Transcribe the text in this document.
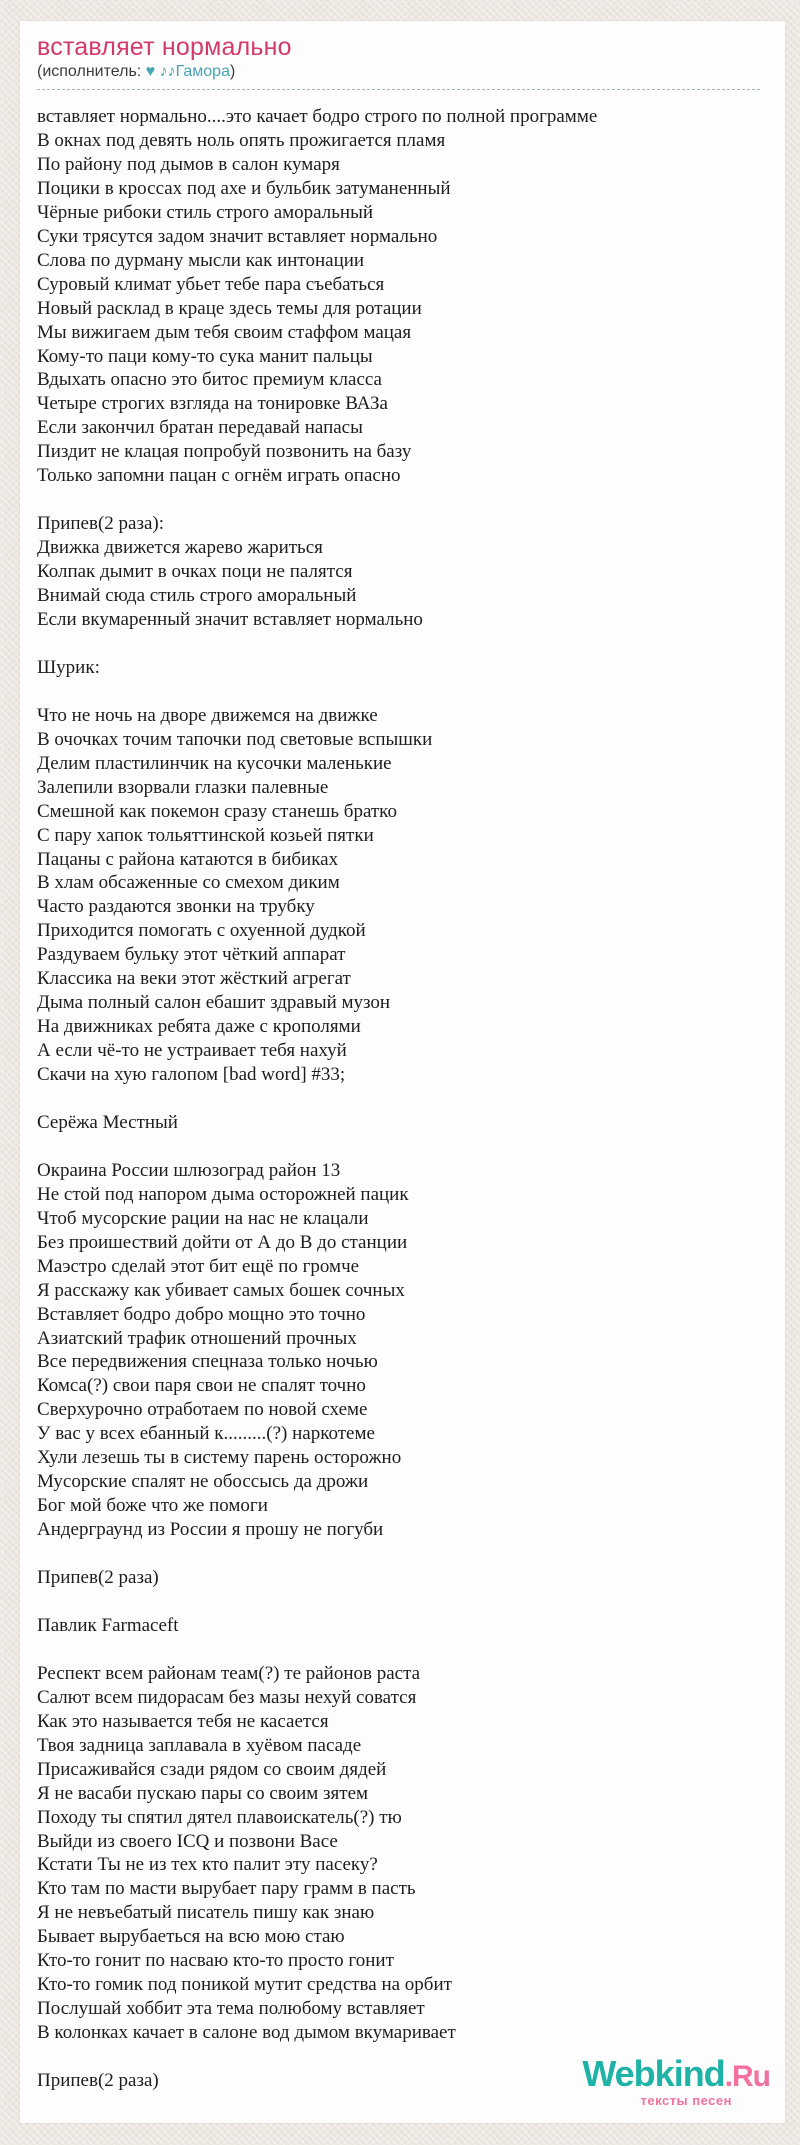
вставляет нормально
(исполнитель: ♥ ♪♪Гамора)
вставляет нормально....это качает бодро строго по полной программе
В окнах под девять ноль опять прожигается пламя
По району под дымов в салон кумаря
Поцики в кроссах под ахе и бульбик затуманенный
Чёрные рибоки стиль строго аморальный
Суки трясутся задом значит вставляет нормально
Слова по дурману мысли как интонации
Суровый климат убьет тебе пара съебаться
Новый расклад в краце здесь темы для ротации
Мы вижигаем дым тебя своим стаффом мацая
Кому-то паци кому-то сука манит пальцы
Вдыхать опасно это битос премиум класса
Четыре строгих взгляда на тонировке ВАЗа
Если закончил братан передавай напасы
Пиздит не клацая попробуй позвонить на базу
Только запомни пацан с огнём играть опасно
Припев(2 раза):
Движка движется жарево жариться
Колпак дымит в очках поци не палятся
Внимай сюда стиль строго аморальный
Если вкумаренный значит вставляет нормально
Шурик:
Что не ночь на дворе движемся на движке
В очочках точим тапочки под световые вспышки
Делим пластилинчик на кусочки маленькие
Залепили взорвали глазки палевные
Смешной как покемон сразу станешь братко
С пару хапок тольяттинской козьей пятки
Пацаны с района катаются в бибиках
В хлам обсаженные со смехом диким
Часто раздаются звонки на трубку
Приходится помогать с охуенной дудкой
Раздуваем бульку этот чёткий аппарат
Классика на веки этот жёсткий агрегат
Дыма полный салон ебашит здравый музон
На движниках ребята даже с крополями
А если чё-то не устраивает тебя нахуй
Скачи на хую галопом [bad word] #33;
Серёжа Местный
Окраина России шлюзоград район 13
Не стой под напором дыма осторожней пацик
Чтоб мусорские рации на нас не клацали
Без проишествий дойти от А до В до станции
Маэстро сделай этот бит ещё по громче
Я расскажу как убивает самых бошек сочных
Вставляет бодро добро мощно это точно
Азиатский трафик отношений прочных
Все передвижения спецназа только ночью
Комса(?) свои паря свои не спалят точно
Сверхурочно отработаем по новой схеме
У вас у всех ебанный к.........(?) наркотеме
Хули лезешь ты в систему парень осторожно
Мусорские спалят не обоссысь да дрожи
Бог мой боже что же помоги
Андерграунд из России я прошу не погуби
Припев(2 раза)
Павлик Farmaceft
Респект всем районам теам(?) те районов раста
Салют всем пидорасам без мазы нехуй соватся
Как это называется тебя не касается
Твоя задница заплавала в хуёвом пасаде
Присаживайся сзади рядом со своим дядей
Я не васаби пускаю пары со своим зятем
Походу ты спятил дятел плавоискатель(?) тю
Выйди из своего ICQ и позвони Васе
Кстати Ты не из тех кто палит эту пасеку?
Кто там по масти вырубает пару грамм в пасть
Я не невъебатый писатель пишу как знаю
Бывает вырубаеться на всю мою стаю
Кто-то гонит по насваю кто-то просто гонит
Кто-то гомик под поникой мутит средства на орбит
Послушай хоббит эта тема полюбому вставляет
В колонках качает в салоне вод дымом вкумаривает
Припев(2 раза)	Webkind.Ru
тексты песен
